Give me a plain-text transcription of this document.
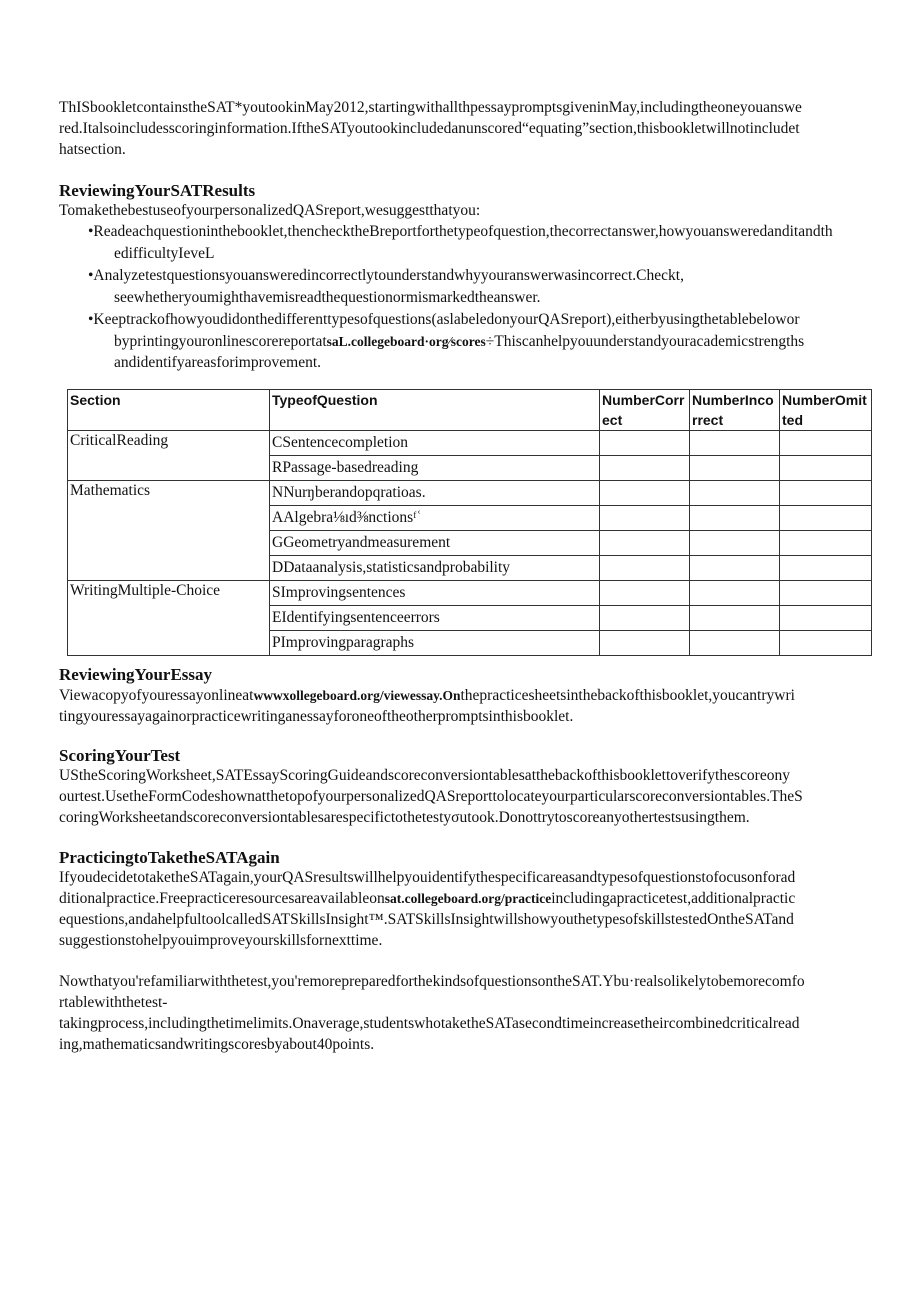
ThISbookletcontainstheSAT*youtookinMay2012,startingwithallthpessaypromptsgiveninMay,includingtheoneyouanswe
red.Italsoincludesscoringinformation.IftheSATyoutookincludedanunscored“equating”section,thisbookletwillnotincludet
hatsection.
ReviewingYourSATResults
TomakethebestuseofyourpersonalizedQASreport,wesuggestthatyou:
•Readeachquestioninthebooklet,thenchecktheBreportforthetypeofquestion,thecorrectanswer,howyouansweredanditandth
edifficultyIeveL
•Analyzetestquestionsyouansweredincorrectlytounderstandwhyyouranswerwasincorrect.Checkt,
seewhetheryoumighthavemisreadthequestionormismarkedtheanswer.
•Keeptrackofhowyoudidonthedifferenttypesofquestions(aslabeledonyourQASreport),eitherbyusingthetablebelowor
byprintingyouronlinescorereportatsaL.collegeboard·org⁄scores÷Thiscanhelpyouunderstandyouracademicstrengths
andidentifyareasforimprovement.
Section	TypeofQuestion	NumberCorrect	NumberIncorrect	NumberOmitted
CriticalReading	CSentencecompletion			
	RPassage-basedreading			
Mathematics	NNurŋberandopqratioas.			
	AAlgebra⅛ıd⅜nctionsᶠʿ			
	GGeometryandmeasurement			
	DDataanalysis,statisticsandprobability			
WritingMultiple-Choice	SImprovingsentences			
	EIdentifyingsentenceerrors			
	PImprovingparagraphs			
ReviewingYourEssay
Viewacopyofyouressayonlineatwwwxollegeboard.org/viewessay.Onthepracticesheetsinthebackofthisbooklet,youcantrywri
tingyouressayagainorpracticewritinganessayforoneoftheotherpromptsinthisbooklet.
ScoringYourTest
UStheScoringWorksheet,SATEssayScoringGuideandscoreconversiontablesatthebackofthisbooklettoverifythescoreony
ourtest.UsetheFormCodeshownatthetopofyourpersonalizedQASreporttolocateyourparticularscoreconversiontables.TheS
coringWorksheetandscoreconversiontablesarespecifictothetestyσutook.Donottrytoscoreanyothertestsusingthem.
PracticingtoTaketheSATAgain
IfyoudecidetotaketheSATagain,yourQASresultswillhelpyouidentifythespecificareasandtypesofquestionstofocusonforad
ditionalpractice.Freepracticeresourcesareavailableonsat.collegeboard.org/practiceincludingapracticetest,additionalpractic
equestions,andahelpfultoolcalledSATSkillsInsight™.SATSkillsInsightwillshowyouthetypesofskillstestedOntheSATand
suggestionstohelpyouimproveyourskillsfornexttime.
Nowthatyou'refamiliarwiththetest,you'remorepreparedforthekindsofquestionsontheSAT.Ybu·realsolikelytobemorecomfo
rtablewiththetest-
takingprocess,includingthetimelimits.Onaverage,studentswhotaketheSATasecondtimeincreasetheircombinedcriticalread
ing,mathematicsandwritingscoresbyabout40points.
